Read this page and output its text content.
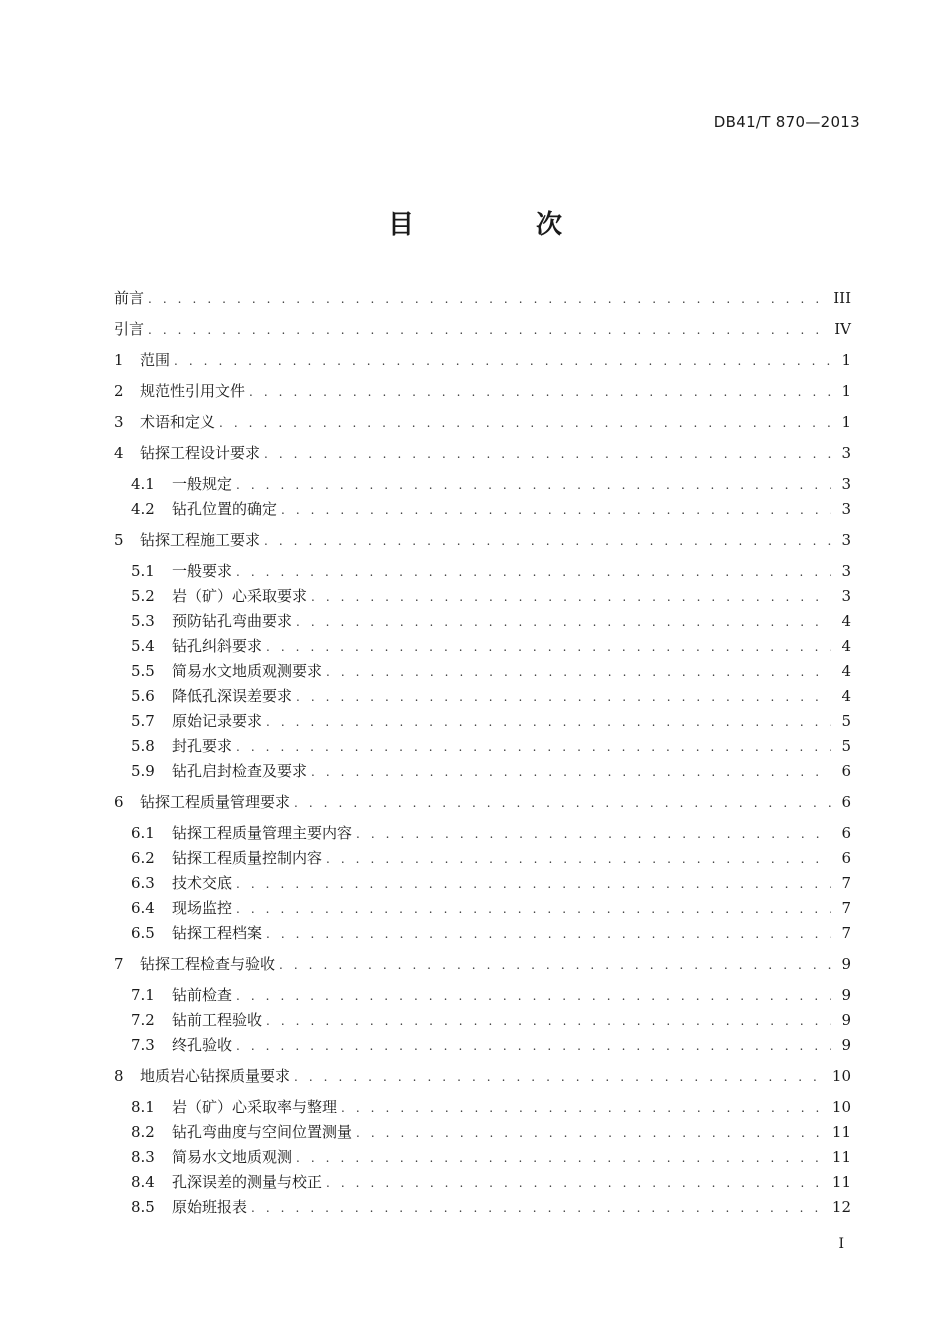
DB41/T 870—2013
目　次
前言 . . .	III
引言 . . .	IV
1	范围 . . .	1
2	规范性引用文件 . . .	1
3	术语和定义 . . .	1
4	钻探工程设计要求 . . .	3
4.1	一般规定 . . .	3
4.2	钻孔位置的确定 . . .	3
5	钻探工程施工要求 . . .	3
5.1	一般要求 . . .	3
5.2	岩（矿）心采取要求 . . .	3
5.3	预防钻孔弯曲要求 . . .	4
5.4	钻孔纠斜要求 . . .	4
5.5	简易水文地质观测要求 . . .	4
5.6	降低孔深误差要求 . . .	4
5.7	原始记录要求 . . .	5
5.8	封孔要求 . . .	5
5.9	钻孔启封检查及要求 . . .	6
6	钻探工程质量管理要求 . . .	6
6.1	钻探工程质量管理主要内容 . . .	6
6.2	钻探工程质量控制内容 . . .	6
6.3	技术交底 . . .	7
6.4	现场监控 . . .	7
6.5	钻探工程档案 . . .	7
7	钻探工程检查与验收 . . .	9
7.1	钻前检查 . . .	9
7.2	钻前工程验收 . . .	9
7.3	终孔验收 . . .	9
8	地质岩心钻探质量要求 . . .	10
8.1	岩（矿）心采取率与整理 . . .	10
8.2	钻孔弯曲度与空间位置测量 . . .	11
8.3	简易水文地质观测 . . .	11
8.4	孔深误差的测量与校正 . . .	11
8.5	原始班报表 . . .	12
I
